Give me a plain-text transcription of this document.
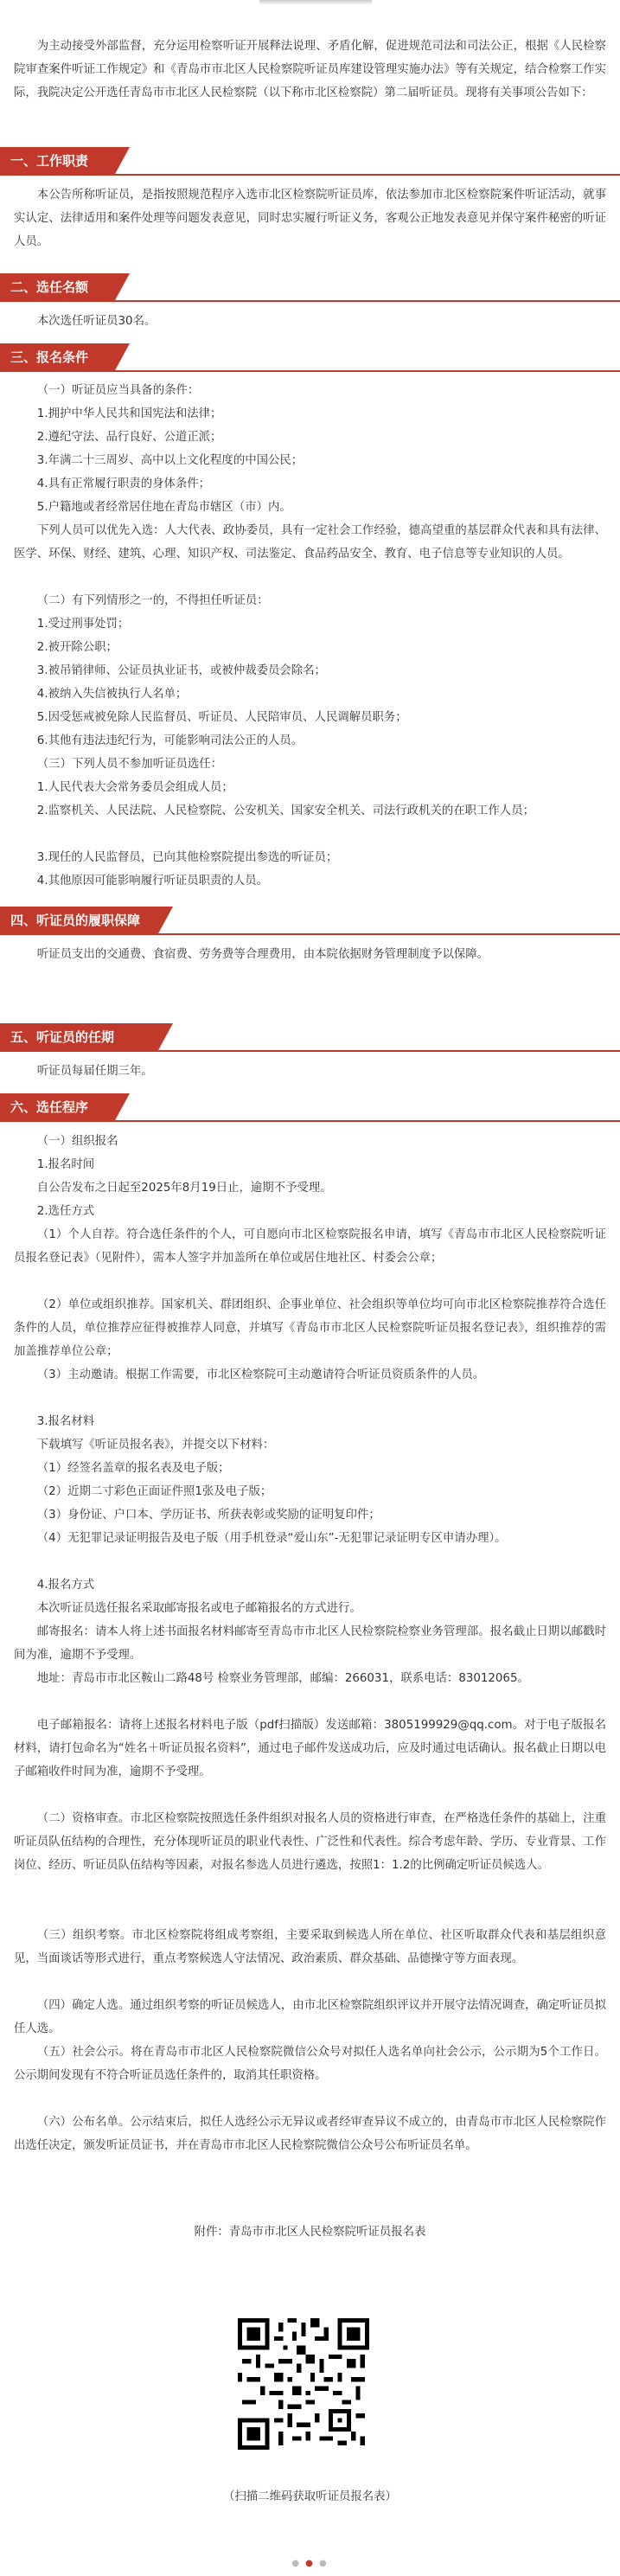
为主动接受外部监督，充分运用检察听证开展释法说理、矛盾化解，促进规范司法和司法公正，根据《人民检察院审查案件听证工作规定》和《青岛市市北区人民检察院听证员库建设管理实施办法》等有关规定，结合检察工作实际，我院决定公开选任青岛市市北区人民检察院（以下称市北区检察院）第二届听证员。现将有关事项公告如下：

一、工作职责

本公告所称听证员，是指按照规范程序入选市北区检察院听证员库，依法参加市北区检察院案件听证活动，就事实认定、法律适用和案件处理等问题发表意见，同时忠实履行听证义务，客观公正地发表意见并保守案件秘密的听证人员。

二、选任名额

本次选任听证员30名。

三、报名条件

（一）听证员应当具备的条件：

1.拥护中华人民共和国宪法和法律；

2.遵纪守法、品行良好、公道正派；

3.年满二十三周岁、高中以上文化程度的中国公民；

4.具有正常履行职责的身体条件；

5.户籍地或者经常居住地在青岛市辖区（市）内。

下列人员可以优先入选：人大代表、政协委员，具有一定社会工作经验，德高望重的基层群众代表和具有法律、医学、环保、财经、建筑、心理、知识产权、司法鉴定、食品药品安全、教育、电子信息等专业知识的人员。

（二）有下列情形之一的，不得担任听证员：

1.受过刑事处罚；

2.被开除公职；

3.被吊销律师、公证员执业证书，或被仲裁委员会除名；

4.被纳入失信被执行人名单；

5.因受惩戒被免除人民监督员、听证员、人民陪审员、人民调解员职务；

6.其他有违法违纪行为，可能影响司法公正的人员。

（三）下列人员不参加听证员选任：

1.人民代表大会常务委员会组成人员；

2.监察机关、人民法院、人民检察院、公安机关、国家安全机关、司法行政机关的在职工作人员；

3.现任的人民监督员，已向其他检察院提出参选的听证员；

4.其他原因可能影响履行听证员职责的人员。

四、听证员的履职保障

听证员支出的交通费、食宿费、劳务费等合理费用，由本院依据财务管理制度予以保障。

五、听证员的任期

听证员每届任期三年。

六、选任程序

（一）组织报名

1.报名时间

自公告发布之日起至2025年8月19日止，逾期不予受理。

2.选任方式

（1）个人自荐。符合选任条件的个人，可自愿向市北区检察院报名申请，填写《青岛市市北区人民检察院听证员报名登记表》（见附件），需本人签字并加盖所在单位或居住地社区、村委会公章；

（2）单位或组织推荐。国家机关、群团组织、企事业单位、社会组织等单位均可向市北区检察院推荐符合选任条件的人员，单位推荐应征得被推荐人同意，并填写《青岛市市北区人民检察院听证员报名登记表》，组织推荐的需加盖推荐单位公章；

（3）主动邀请。根据工作需要，市北区检察院可主动邀请符合听证员资质条件的人员。

3.报名材料

下载填写《听证员报名表》，并提交以下材料：

（1）经签名盖章的报名表及电子版；

（2）近期二寸彩色正面证件照1张及电子版；

（3）身份证、户口本、学历证书、所获表彰或奖励的证明复印件；

（4）无犯罪记录证明报告及电子版（用手机登录“爱山东”-无犯罪记录证明专区申请办理）。

4.报名方式

本次听证员选任报名采取邮寄报名或电子邮箱报名的方式进行。

邮寄报名：请本人将上述书面报名材料邮寄至青岛市市北区人民检察院检察业务管理部。报名截止日期以邮戳时间为准，逾期不予受理。

地址：青岛市市北区鞍山二路48号 检察业务管理部，邮编：266031，联系电话：83012065。

电子邮箱报名：请将上述报名材料电子版（pdf扫描版）发送邮箱：3805199929@qq.com。对于电子版报名材料，请打包命名为“姓名＋听证员报名资料”，通过电子邮件发送成功后，应及时通过电话确认。报名截止日期以电子邮箱收件时间为准，逾期不予受理。

（二）资格审查。市北区检察院按照选任条件组织对报名人员的资格进行审查，在严格选任条件的基础上，注重听证员队伍结构的合理性，充分体现听证员的职业代表性、广泛性和代表性。综合考虑年龄、学历、专业背景、工作岗位、经历、听证员队伍结构等因素，对报名参选人员进行遴选，按照1：1.2的比例确定听证员候选人。

（三）组织考察。市北区检察院将组成考察组，主要采取到候选人所在单位、社区听取群众代表和基层组织意见，当面谈话等形式进行，重点考察候选人守法情况、政治素质、群众基础、品德操守等方面表现。

（四）确定人选。通过组织考察的听证员候选人，由市北区检察院组织评议并开展守法情况调查，确定听证员拟任人选。

（五）社会公示。将在青岛市市北区人民检察院微信公众号对拟任人选名单向社会公示，公示期为5个工作日。公示期间发现有不符合听证员选任条件的，取消其任职资格。

（六）公布名单。公示结束后，拟任人选经公示无异议或者经审查异议不成立的，由青岛市市北区人民检察院作出选任决定，颁发听证员证书，并在青岛市市北区人民检察院微信公众号公布听证员名单。

附件：青岛市市北区人民检察院听证员报名表

（扫描二维码获取听证员报名表）

● ● ●
